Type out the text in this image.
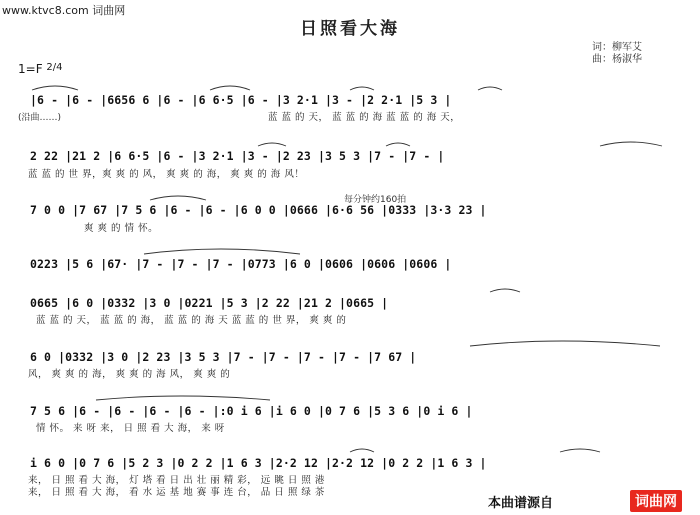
www.ktvc8.com 词曲网
日照看大海
词：柳军艾
曲：杨淑华
1=F $^{2/4}$
(沿曲……)
每分钟约160拍
|6 - |6 - |6656 6 |6 - |6 6·5 |6 - |3 2·1 |3 - |2 2·1 |5 3 |
蓝 蓝 的 天， 蓝 蓝 的 海 蓝 蓝 的 海 天，
2 22 |21 2 |6 6·5 |6 - |3 2·1 |3 - |2 23 |3 5 3 |7 - |7 - |
蓝 蓝 的 世 界，爽 爽 的 风， 爽 爽 的 海， 爽 爽 的 海 风！
7 0 0 |7 67 |7 5 6 |6 - |6 - |6 0 0 |0666 |6·6 56 |0333 |3·3 23 |
爽 爽 的 情 怀。
0223 |5 6 |67· |7 - |7 - |7 - |0773 |6 0 |0606 |0606 |0606 |
0665 |6 0 |0332 |3 0 |0221 |5 3 |2 22 |21 2 |0665 |
蓝 蓝 的 天， 蓝 蓝 的 海， 蓝 蓝 的 海 天 蓝 蓝 的 世 界， 爽 爽 的
6 0 |0332 |3 0 |2 23 |3 5 3 |7 - |7 - |7 - |7 - |7 67 |
风， 爽 爽 的 海， 爽 爽 的 海 风， 爽 爽 的
7 5 6 |6 - |6 - |6 - |6 - |:0 i 6 |i 6 0 |0 7 6 |5 3 6 |0 i 6 |
情 怀。 来 呀 来， 日 照 看 大 海， 来 呀
i 6 0 |0 7 6 |5 2 3 |0 2 2 |1 6 3 |2·2 12 |2·2 12 |0 2 2 |1 6 3 |
来， 日 照 看 大 海， 灯 塔 看 日 出 壮 丽 精 彩， 远 眺 日 照 港
来， 日 照 看 大 海， 看 水 运 基 地 赛 事 连 台， 品 日 照 绿 茶
本曲谱源自	词曲网
